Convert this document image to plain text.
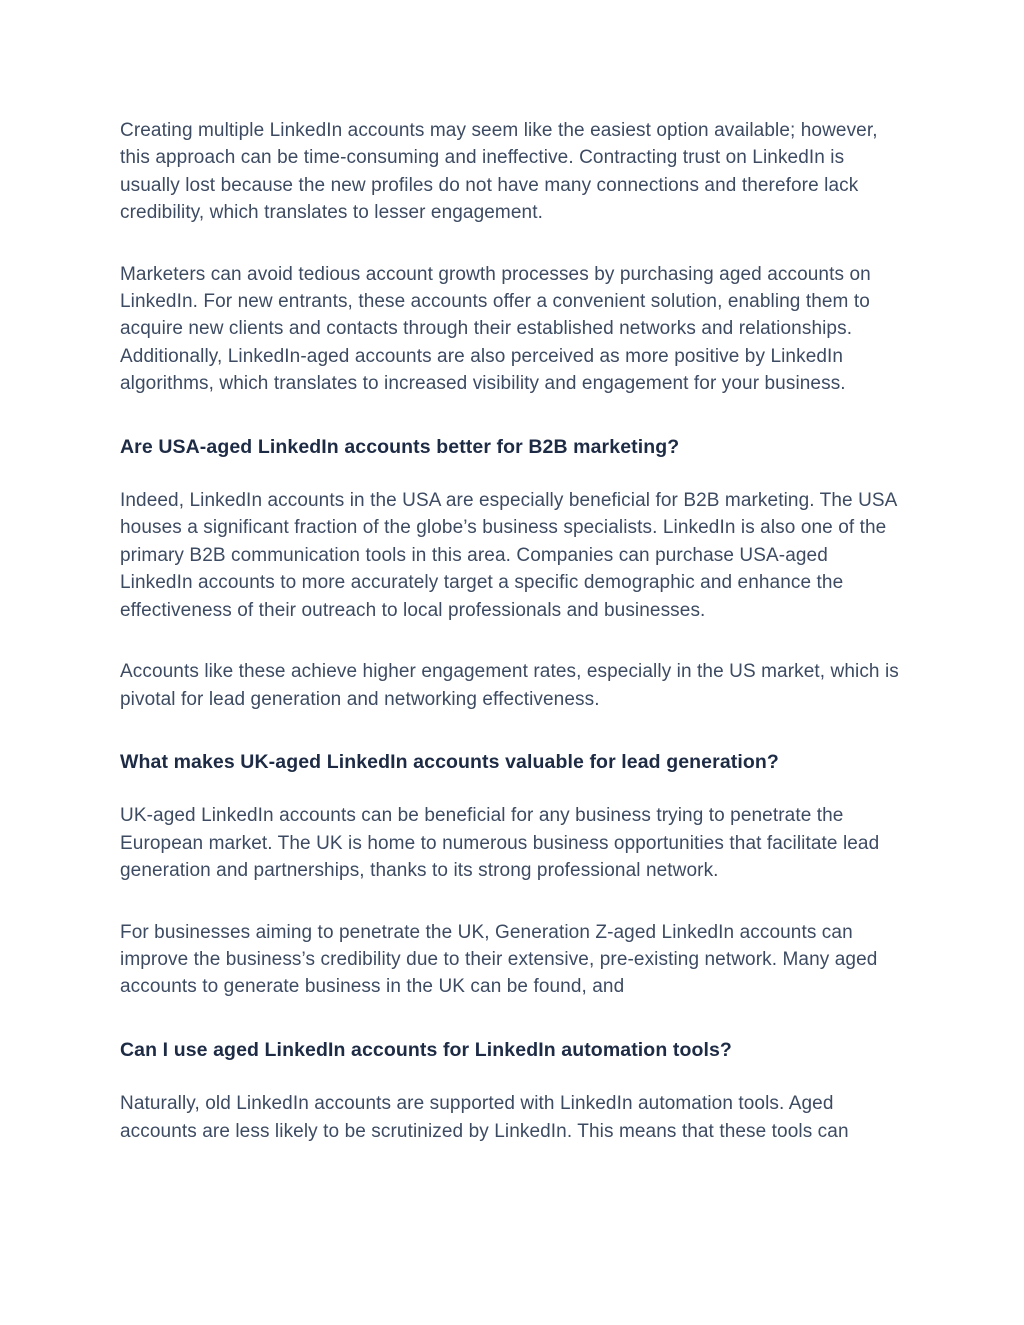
Creating multiple LinkedIn accounts may seem like the easiest option available; however, this approach can be time-consuming and ineffective. Contracting trust on LinkedIn is usually lost because the new profiles do not have many connections and therefore lack credibility, which translates to lesser engagement.

Marketers can avoid tedious account growth processes by purchasing aged accounts on LinkedIn. For new entrants, these accounts offer a convenient solution, enabling them to acquire new clients and contacts through their established networks and relationships. Additionally, LinkedIn-aged accounts are also perceived as more positive by LinkedIn algorithms, which translates to increased visibility and engagement for your business.

Are USA-aged LinkedIn accounts better for B2B marketing?

Indeed, LinkedIn accounts in the USA are especially beneficial for B2B marketing. The USA houses a significant fraction of the globe’s business specialists. LinkedIn is also one of the primary B2B communication tools in this area. Companies can purchase USA-aged LinkedIn accounts to more accurately target a specific demographic and enhance the effectiveness of their outreach to local professionals and businesses.

Accounts like these achieve higher engagement rates, especially in the US market, which is pivotal for lead generation and networking effectiveness.

What makes UK-aged LinkedIn accounts valuable for lead generation?

UK-aged LinkedIn accounts can be beneficial for any business trying to penetrate the European market. The UK is home to numerous business opportunities that facilitate lead generation and partnerships, thanks to its strong professional network.

For businesses aiming to penetrate the UK, Generation Z-aged LinkedIn accounts can improve the business’s credibility due to their extensive, pre-existing network. Many aged accounts to generate business in the UK can be found, and

Can I use aged LinkedIn accounts for LinkedIn automation tools?

Naturally, old LinkedIn accounts are supported with LinkedIn automation tools. Aged accounts are less likely to be scrutinized by LinkedIn. This means that these tools can
